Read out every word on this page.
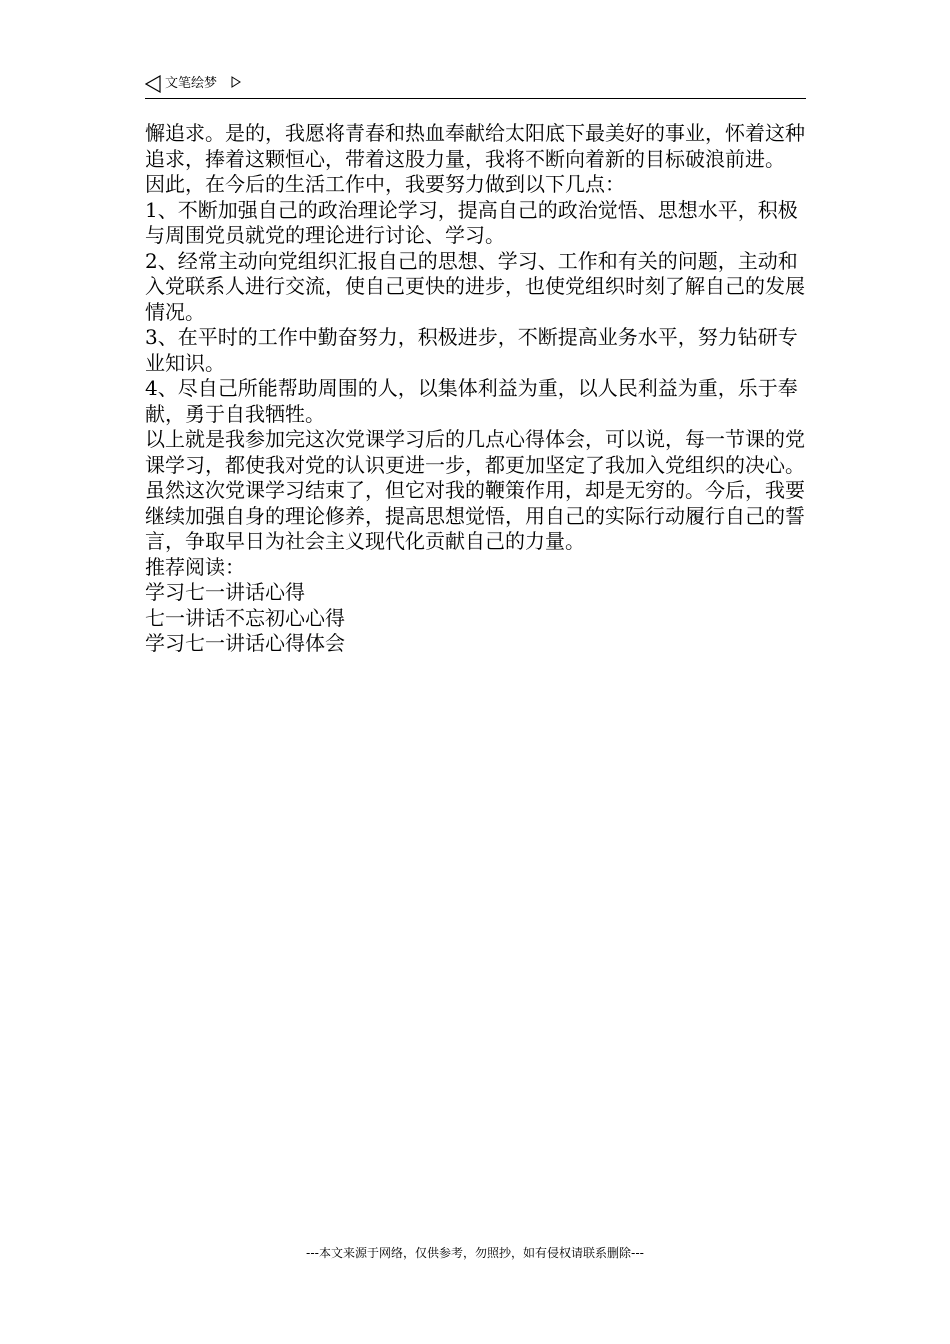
文笔绘梦

懈追求。是的，我愿将青春和热血奉献给太阳底下最美好的事业，怀着这种追求，捧着这颗恒心，带着这股力量，我将不断向着新的目标破浪前进。

因此，在今后的生活工作中，我要努力做到以下几点：

1、不断加强自己的政治理论学习，提高自己的政治觉悟、思想水平，积极与周围党员就党的理论进行讨论、学习。

2、经常主动向党组织汇报自己的思想、学习、工作和有关的问题，主动和入党联系人进行交流，使自己更快的进步，也使党组织时刻了解自己的发展情况。

3、在平时的工作中勤奋努力，积极进步，不断提高业务水平，努力钻研专业知识。

4、尽自己所能帮助周围的人，以集体利益为重，以人民利益为重，乐于奉献，勇于自我牺牲。

以上就是我参加完这次党课学习后的几点心得体会，可以说，每一节课的党课学习，都使我对党的认识更进一步，都更加坚定了我加入党组织的决心。虽然这次党课学习结束了，但它对我的鞭策作用，却是无穷的。今后，我要继续加强自身的理论修养，提高思想觉悟，用自己的实际行动履行自己的誓言，争取早日为社会主义现代化贡献自己的力量。

推荐阅读：

学习七一讲话心得

七一讲话不忘初心心得

学习七一讲话心得体会

---本文来源于网络，仅供参考，勿照抄，如有侵权请联系删除---
